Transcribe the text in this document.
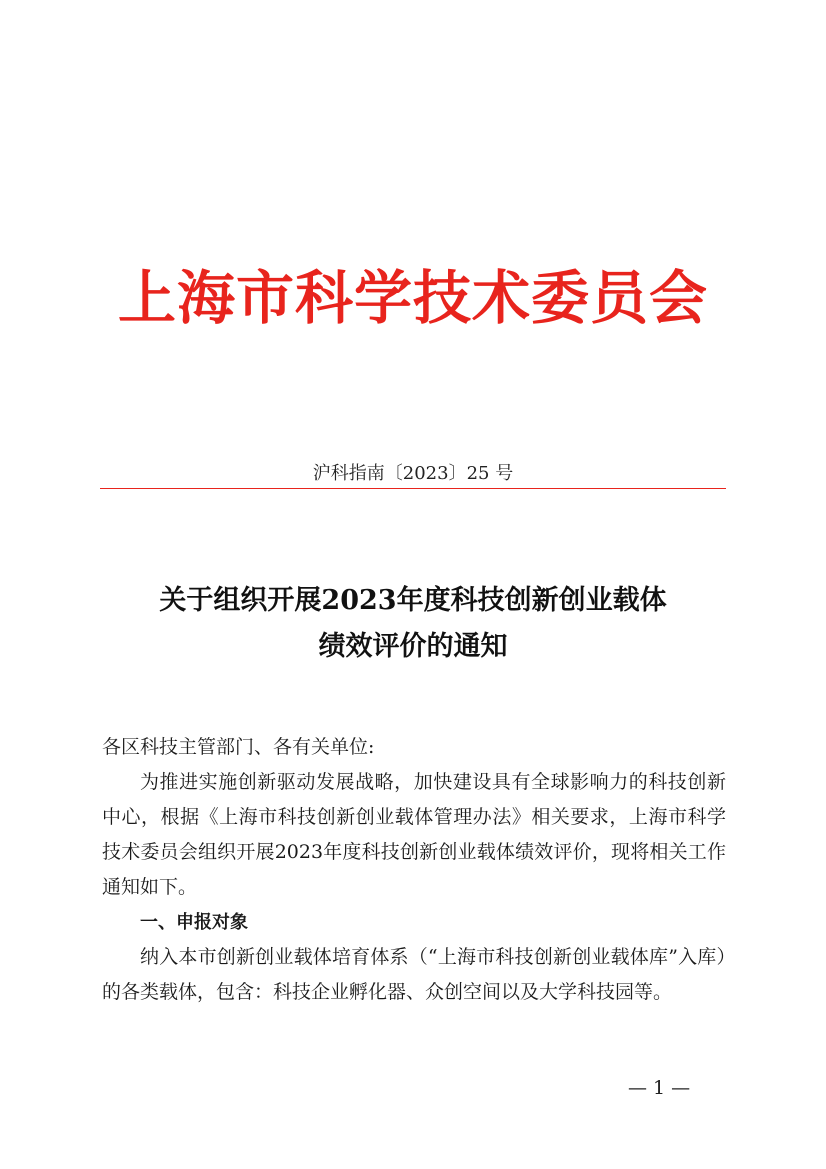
上海市科学技术委员会
沪科指南〔2023〕25 号
关于组织开展2023年度科技创新创业载体
绩效评价的通知

各区科技主管部门、各有关单位:

为推进实施创新驱动发展战略，加快建设具有全球影响力的科技创新中心，根据《上海市科技创新创业载体管理办法》相关要求，上海市科学技术委员会组织开展2023年度科技创新创业载体绩效评价，现将相关工作通知如下。

一、申报对象

纳入本市创新创业载体培育体系（“上海市科技创新创业载体库”入库）的各类载体，包含：科技企业孵化器、众创空间以及大学科技园等。

— 1 —
